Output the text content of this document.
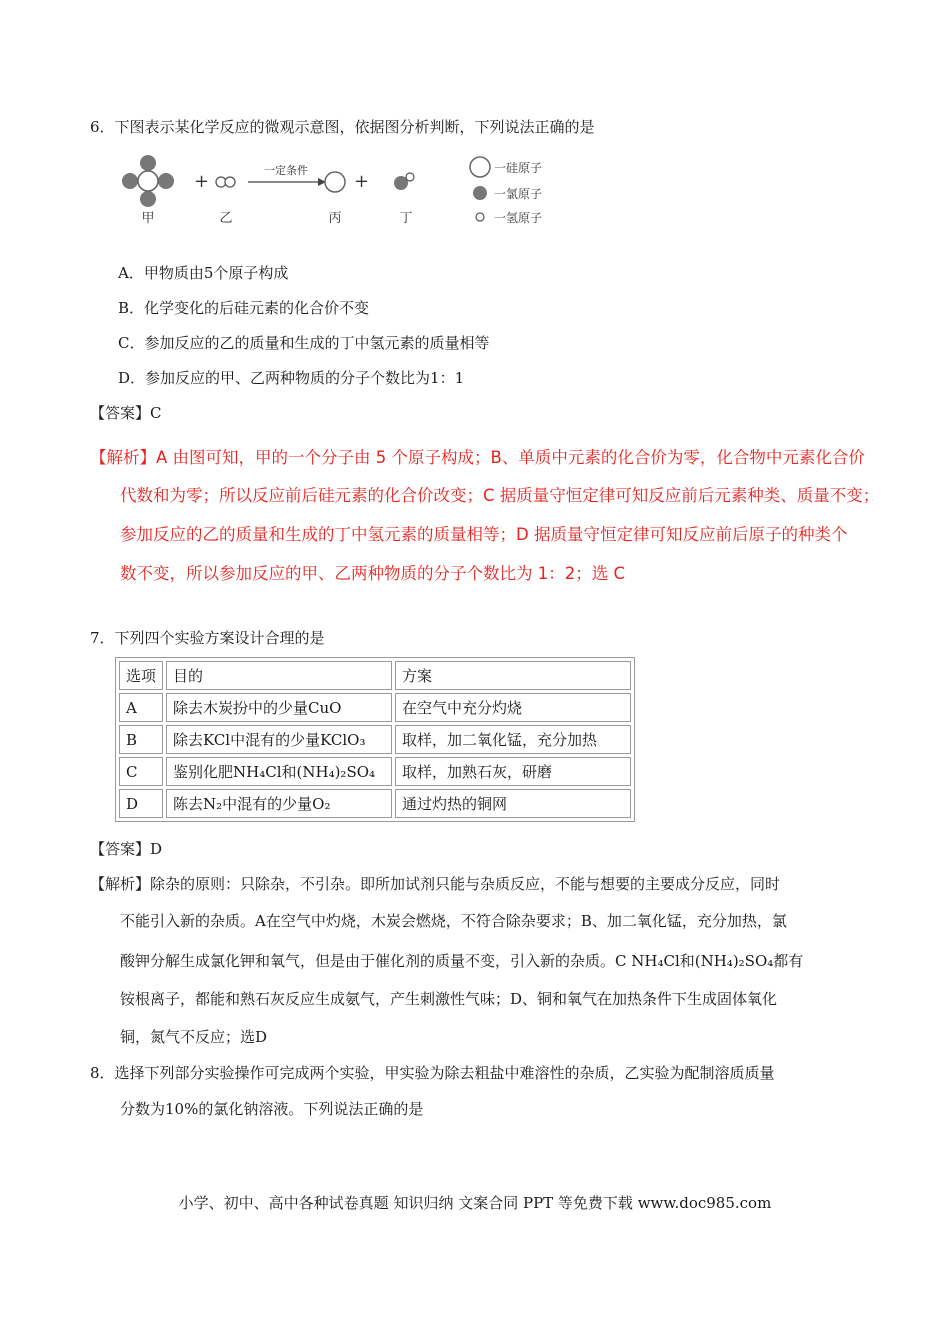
6．下图表示某化学反应的微观示意图，依据图分析判断，下列说法正确的是
+
一定条件
+
甲	乙	丙	丁
一硅原子
一氯原子
一氢原子
A．甲物质由5个原子构成
B．化学变化的后硅元素的化合价不变
C．参加反应的乙的质量和生成的丁中氢元素的质量相等
D．参加反应的甲、乙两种物质的分子个数比为1：1
【答案】C
【解析】A 由图可知，甲的一个分子由 5 个原子构成；B、单质中元素的化合价为零，化合物中元素化合价
代数和为零；所以反应前后硅元素的化合价改变；C 据质量守恒定律可知反应前后元素种类、质量不变；
参加反应的乙的质量和生成的丁中氢元素的质量相等；D 据质量守恒定律可知反应前后原子的种类个
数不变，所以参加反应的甲、乙两种物质的分子个数比为 1：2；选 C
7．下列四个实验方案设计合理的是
选项	目的	方案
A	除去木炭扮中的少量CuO	在空气中充分灼烧
B	除去KCl中混有的少量KClO₃	取样，加二氧化锰，充分加热
C	鉴别化肥NH₄Cl和(NH₄)₂SO₄	取样，加熟石灰，研磨
D	陈去N₂中混有的少量O₂	通过灼热的铜网
【答案】D
【解析】除杂的原则：只除杂，不引杂。即所加试剂只能与杂质反应，不能与想要的主要成分反应，同时
不能引入新的杂质。A在空气中灼烧，木炭会燃烧，不符合除杂要求；B、加二氧化锰，充分加热，氯
酸钾分解生成氯化钾和氧气，但是由于催化剂的质量不变，引入新的杂质。C NH₄Cl和(NH₄)₂SO₄都有
铵根离子，都能和熟石灰反应生成氨气，产生刺激性气味；D、铜和氧气在加热条件下生成固体氧化
铜，氮气不反应；选D
8．选择下列部分实验操作可完成两个实验，甲实验为除去粗盐中难溶性的杂质，乙实验为配制溶质质量
分数为10%的氯化钠溶液。下列说法正确的是
小学、初中、高中各种试卷真题 知识归纳 文案合同 PPT 等免费下载 www.doc985.com
